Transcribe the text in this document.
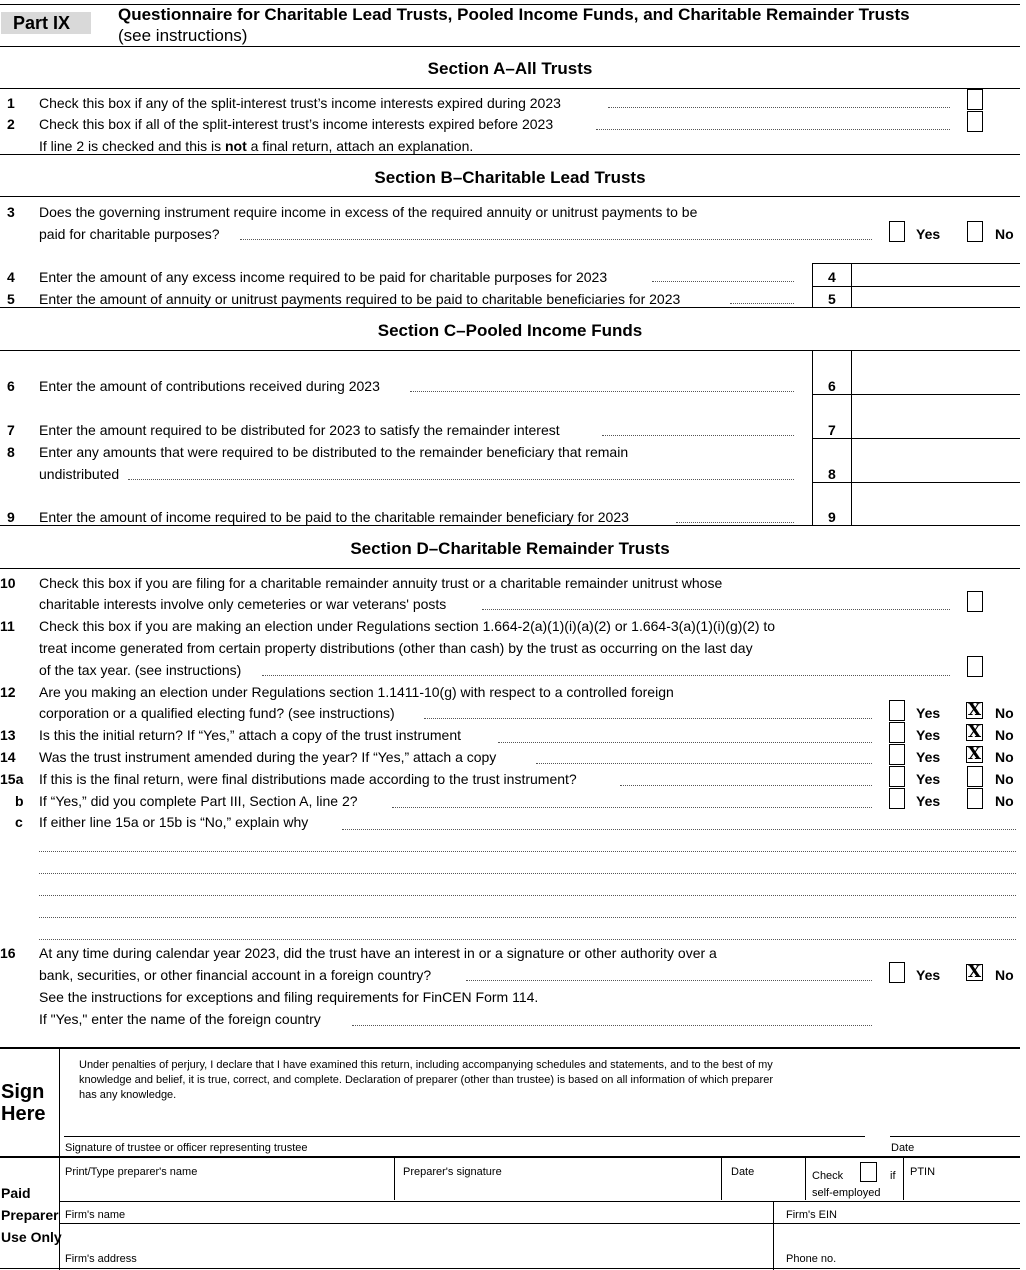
Part IX	Questionnaire for Charitable Lead Trusts, Pooled Income Funds, and Charitable Remainder Trusts
(see instructions)
Section A–All Trusts
1 Check this box if any of the split-interest trust’s income interests expired during 2023
2 Check this box if all of the split-interest trust’s income interests expired before 2023
If line 2 is checked and this is not a final return, attach an explanation.
Section B–Charitable Lead Trusts
3 Does the governing instrument require income in excess of the required annuity or unitrust payments to be
paid for charitable purposes?	Yes	No
4 Enter the amount of any excess income required to be paid for charitable purposes for 2023	4
5 Enter the amount of annuity or unitrust payments required to be paid to charitable beneficiaries for 2023	5
Section C–Pooled Income Funds
6 Enter the amount of contributions received during 2023	6
7 Enter the amount required to be distributed for 2023 to satisfy the remainder interest	7
8 Enter any amounts that were required to be distributed to the remainder beneficiary that remain
undistributed	8
9 Enter the amount of income required to be paid to the charitable remainder beneficiary for 2023	9
Section D–Charitable Remainder Trusts
10 Check this box if you are filing for a charitable remainder annuity trust or a charitable remainder unitrust whose
charitable interests involve only cemeteries or war veterans' posts
11 Check this box if you are making an election under Regulations section 1.664-2(a)(1)(i)(a)(2) or 1.664-3(a)(1)(i)(g)(2) to
treat income generated from certain property distributions (other than cash) by the trust as occurring on the last day
of the tax year. (see instructions)
12 Are you making an election under Regulations section 1.1411-10(g) with respect to a controlled foreign
corporation or a qualified electing fund? (see instructions)	Yes X No
13 Is this the initial return? If “Yes,” attach a copy of the trust instrument	Yes X No
14 Was the trust instrument amended during the year? If “Yes,” attach a copy	Yes X No
15a If this is the final return, were final distributions made according to the trust instrument?	Yes	No
b If “Yes,” did you complete Part III, Section A, line 2?	Yes	No
c If either line 15a or 15b is “No,” explain why
16 At any time during calendar year 2023, did the trust have an interest in or a signature or other authority over a
bank, securities, or other financial account in a foreign country?	Yes X No
See the instructions for exceptions and filing requirements for FinCEN Form 114.
If "Yes," enter the name of the foreign country
Sign
Here
Under penalties of perjury, I declare that I have examined this return, including accompanying schedules and statements, and to the best of my
knowledge and belief, it is true, correct, and complete. Declaration of preparer (other than trustee) is based on all information of which preparer
has any knowledge.
Signature of trustee or officer representing trustee	Date
Paid
Preparer
Use Only
Print/Type preparer's name	Preparer's signature	Date	Check	if
self-employed
PTIN
Firm's name	Firm's EIN
Firm's address	Phone no.
